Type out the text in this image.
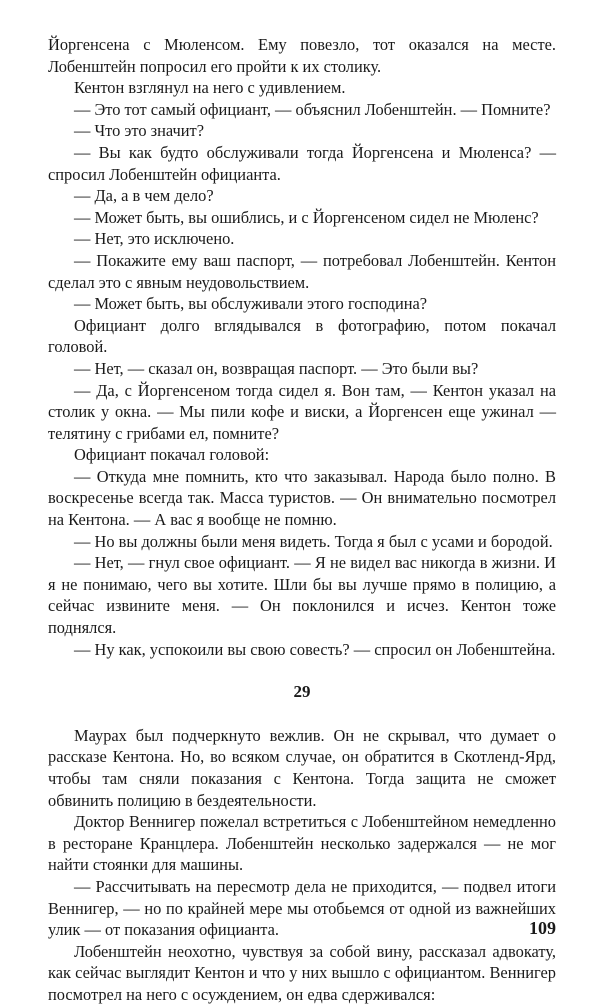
Йоргенсена с Мюленсом. Ему повезло, тот оказался на месте. Лобенштейн попросил его пройти к их столику.

Кентон взглянул на него с удивлением.

— Это тот самый официант, — объяснил Лобенштейн. — Помните?

— Что это значит?

— Вы как будто обслуживали тогда Йоргенсена и Мюленса? — спросил Лобенштейн официанта.

— Да, а в чем дело?

— Может быть, вы ошиблись, и с Йоргенсеном сидел не Мюленс?

— Нет, это исключено.

— Покажите ему ваш паспорт, — потребовал Лобенштейн. Кентон сделал это с явным неудовольствием.

— Может быть, вы обслуживали этого господина?

Официант долго вглядывался в фотографию, потом покачал головой.

— Нет, — сказал он, возвращая паспорт. — Это были вы?

— Да, с Йоргенсеном тогда сидел я. Вон там, — Кентон указал на столик у окна. — Мы пили кофе и виски, а Йоргенсен еще ужинал — телятину с грибами ел, помните?

Официант покачал головой:

— Откуда мне помнить, кто что заказывал. Народа было полно. В воскресенье всегда так. Масса туристов. — Он внимательно посмотрел на Кентона. — А вас я вообще не помню.

— Но вы должны были меня видеть. Тогда я был с усами и бородой.

— Нет, — гнул свое официант. — Я не видел вас никогда в жизни. И я не понимаю, чего вы хотите. Шли бы вы лучше прямо в полицию, а сейчас извините меня. — Он поклонился и исчез. Кентон тоже поднялся.

— Ну как, успокоили вы свою совесть? — спросил он Лобенштейна.

29

Маурах был подчеркнуто вежлив. Он не скрывал, что думает о рассказе Кентона. Но, во всяком случае, он обратится в Скотленд-Ярд, чтобы там сняли показания с Кентона. Тогда защита не сможет обвинить полицию в бездеятельности.

Доктор Веннигер пожелал встретиться с Лобенштейном немедленно в ресторане Кранцлера. Лобенштейн несколько задержался — не мог найти стоянки для машины.

— Рассчитывать на пересмотр дела не приходится, — подвел итоги Веннигер, — но по крайней мере мы отобьемся от одной из важнейших улик — от показания официанта.

Лобенштейн неохотно, чувствуя за собой вину, рассказал адвокату, как сейчас выглядит Кентон и что у них вышло с официантом. Веннигер посмотрел на него с осуждением, он едва сдерживался:

109
